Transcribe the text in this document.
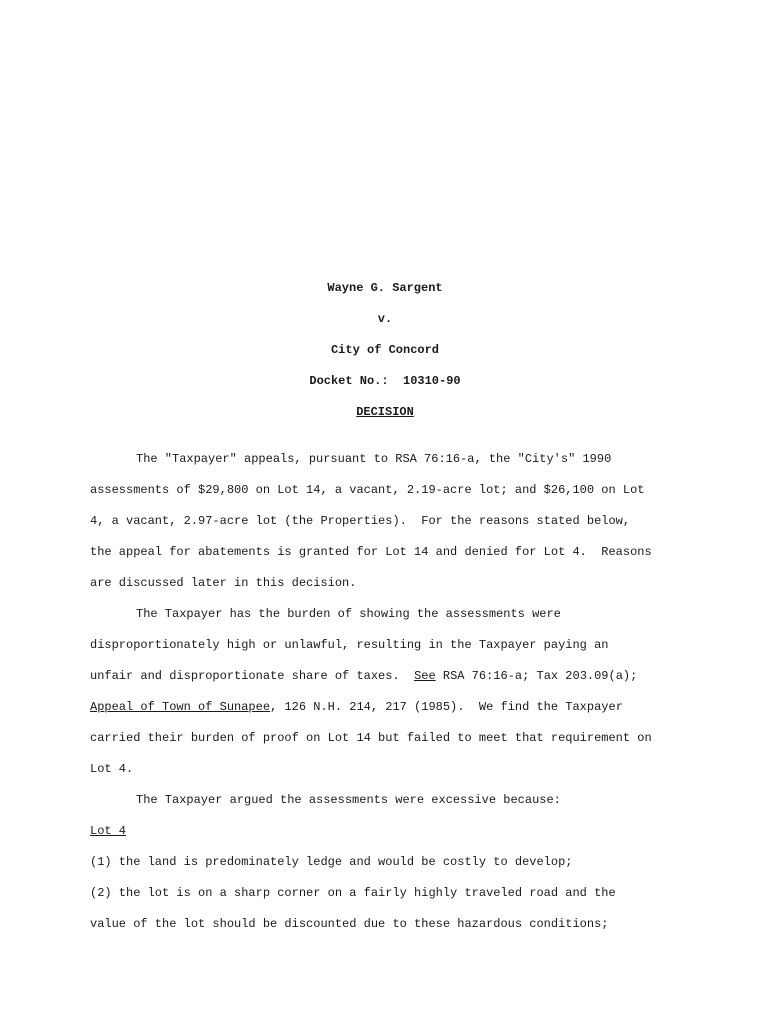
Wayne G. Sargent
v.
City of Concord
Docket No.:  10310-90
DECISION
The "Taxpayer" appeals, pursuant to RSA 76:16-a, the "City's" 1990
assessments of $29,800 on Lot 14, a vacant, 2.19-acre lot; and $26,100 on Lot
4, a vacant, 2.97-acre lot (the Properties).  For the reasons stated below,
the appeal for abatements is granted for Lot 14 and denied for Lot 4.  Reasons
are discussed later in this decision.
The Taxpayer has the burden of showing the assessments were
disproportionately high or unlawful, resulting in the Taxpayer paying an
unfair and disproportionate share of taxes.  See RSA 76:16-a; Tax 203.09(a);
Appeal of Town of Sunapee, 126 N.H. 214, 217 (1985).  We find the Taxpayer
carried their burden of proof on Lot 14 but failed to meet that requirement on
Lot 4.
The Taxpayer argued the assessments were excessive because:
Lot 4
(1) the land is predominately ledge and would be costly to develop;
(2) the lot is on a sharp corner on a fairly highly traveled road and the
value of the lot should be discounted due to these hazardous conditions;
